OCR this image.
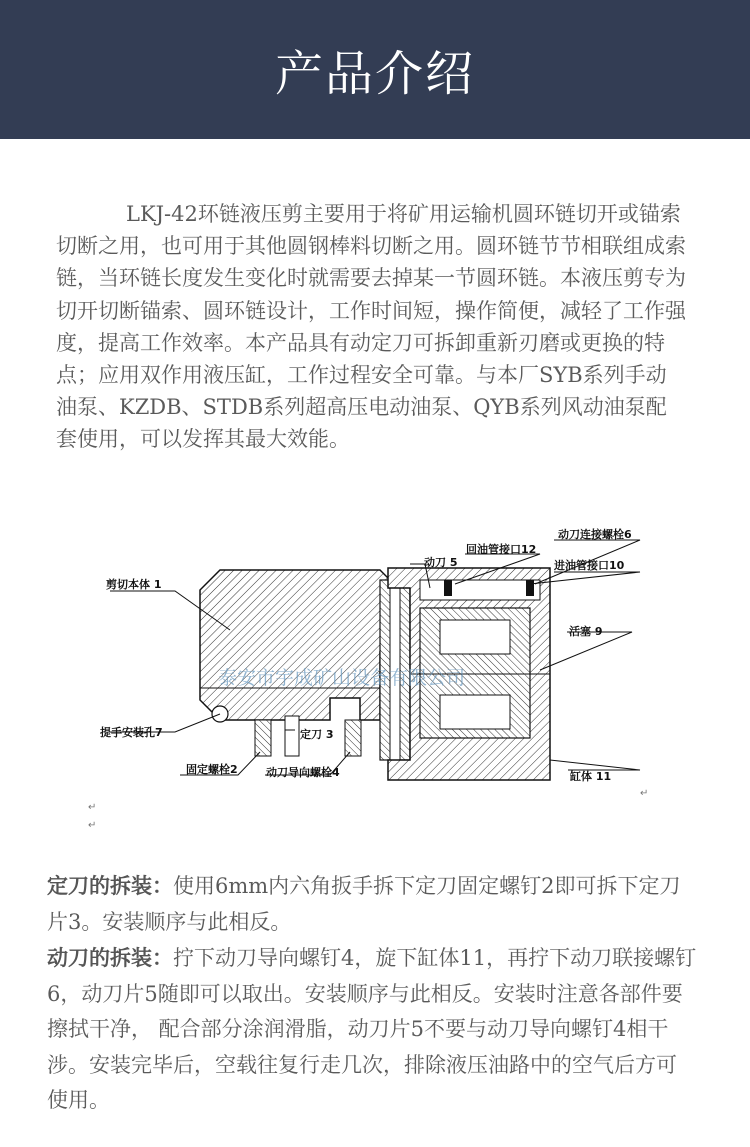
产品介绍

LKJ-42环链液压剪主要用于将矿用运输机圆环链切开或锚索切断之用，也可用于其他圆钢棒料切断之用。圆环链节节相联组成索链，当环链长度发生变化时就需要去掉某一节圆环链。本液压剪专为切开切断锚索、圆环链设计，工作时间短，操作简便，减轻了工作强度，提高工作效率。本产品具有动定刀可拆卸重新刃磨或更换的特点；应用双作用液压缸，工作过程安全可靠。与本厂SYB系列手动油泵、KZDB、STDB系列超高压电动油泵、QYB系列风动油泵配套使用，可以发挥其最大效能。

剪切本体 1
提手安装孔7
固定螺栓2
定刀 3
动刀导向螺栓4
动刀 5
回油管接口12
动刀连接螺栓6
进油管接口10
活塞 9
缸体 11
泰安市宇成矿山设备有限公司
↵
↵
↵

定刀的拆装：使用6mm内六角扳手拆下定刀固定螺钉2即可拆下定刀片3。安装顺序与此相反。

动刀的拆装：拧下动刀导向螺钉4，旋下缸体11，再拧下动刀联接螺钉6，动刀片5随即可以取出。安装顺序与此相反。安装时注意各部件要擦拭干净， 配合部分涂润滑脂，动刀片5不要与动刀导向螺钉4相干涉。安装完毕后，空载往复行走几次，排除液压油路中的空气后方可使用。
